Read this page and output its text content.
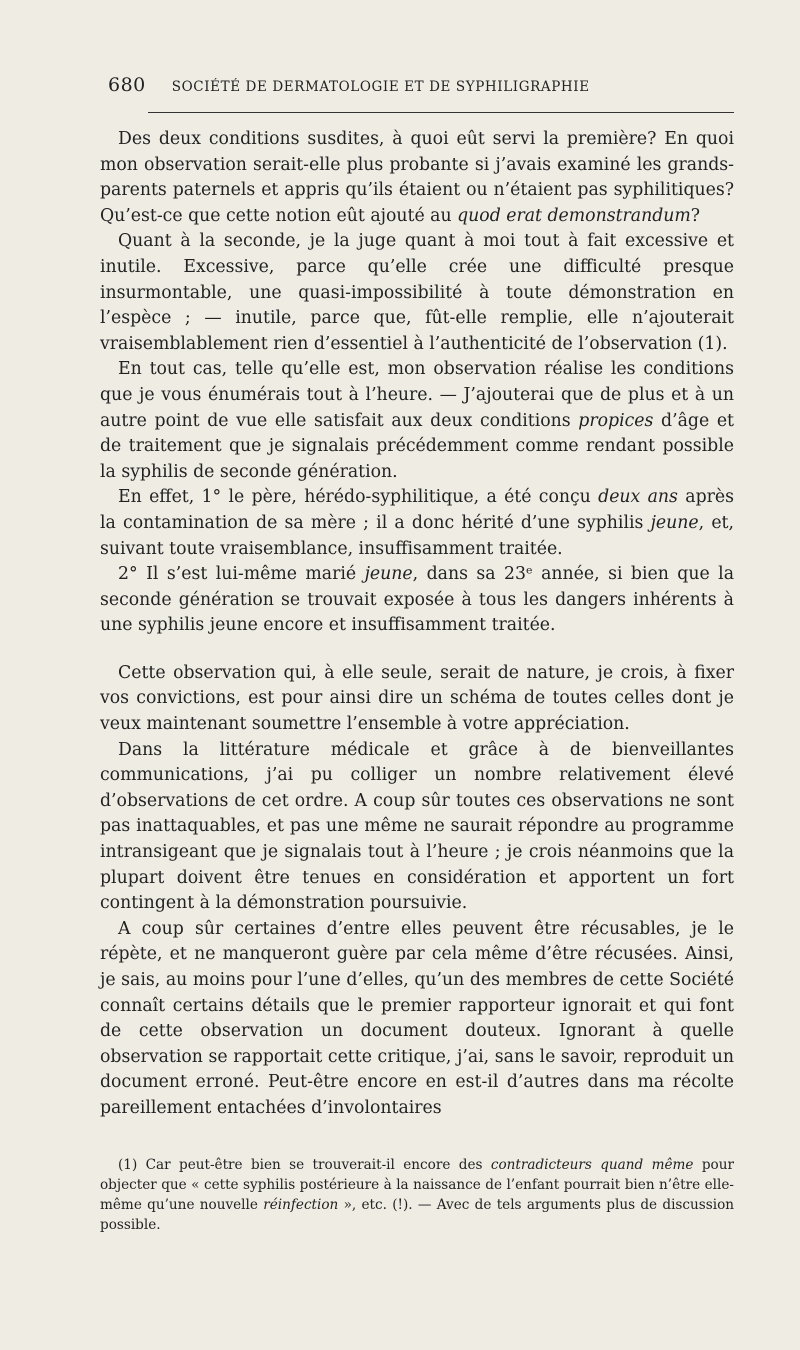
680 SOCIÉTÉ DE DERMATOLOGIE ET DE SYPHILIGRAPHIE

Des deux conditions susdites, à quoi eût servi la première? En quoi mon observation serait-elle plus probante si j’avais examiné les grands-parents paternels et appris qu’ils étaient ou n’étaient pas syphilitiques? Qu’est-ce que cette notion eût ajouté au quod erat demonstrandum?

Quant à la seconde, je la juge quant à moi tout à fait excessive et inutile. Excessive, parce qu’elle crée une difficulté presque insurmontable, une quasi-impossibilité à toute démonstration en l’espèce ; — inutile, parce que, fût-elle remplie, elle n’ajouterait vraisemblablement rien d’essentiel à l’authenticité de l’observation (1).

En tout cas, telle qu’elle est, mon observation réalise les conditions que je vous énumérais tout à l’heure. — J’ajouterai que de plus et à un autre point de vue elle satisfait aux deux conditions propices d’âge et de traitement que je signalais précédemment comme rendant possible la syphilis de seconde génération.

En effet, 1° le père, hérédo-syphilitique, a été conçu deux ans après la contamination de sa mère ; il a donc hérité d’une syphilis jeune, et, suivant toute vraisemblance, insuffisamment traitée.

2° Il s’est lui-même marié jeune, dans sa 23ᵉ année, si bien que la seconde génération se trouvait exposée à tous les dangers inhérents à une syphilis jeune encore et insuffisamment traitée.

Cette observation qui, à elle seule, serait de nature, je crois, à fixer vos convictions, est pour ainsi dire un schéma de toutes celles dont je veux maintenant soumettre l’ensemble à votre appréciation.

Dans la littérature médicale et grâce à de bienveillantes communications, j’ai pu colliger un nombre relativement élevé d’observations de cet ordre. A coup sûr toutes ces observations ne sont pas inattaquables, et pas une même ne saurait répondre au programme intransigeant que je signalais tout à l’heure ; je crois néanmoins que la plupart doivent être tenues en considération et apportent un fort contingent à la démonstration poursuivie.

A coup sûr certaines d’entre elles peuvent être récusables, je le répète, et ne manqueront guère par cela même d’être récusées. Ainsi, je sais, au moins pour l’une d’elles, qu’un des membres de cette Société connaît certains détails que le premier rapporteur ignorait et qui font de cette observation un document douteux. Ignorant à quelle observation se rapportait cette critique, j’ai, sans le savoir, reproduit un document erroné. Peut-être encore en est-il d’autres dans ma récolte pareillement entachées d’involontaires

(1) Car peut-être bien se trouverait-il encore des contradicteurs quand même pour objecter que « cette syphilis postérieure à la naissance de l’enfant pourrait bien n’être elle-même qu’une nouvelle réinfection », etc. (!). — Avec de tels arguments plus de discussion possible.
